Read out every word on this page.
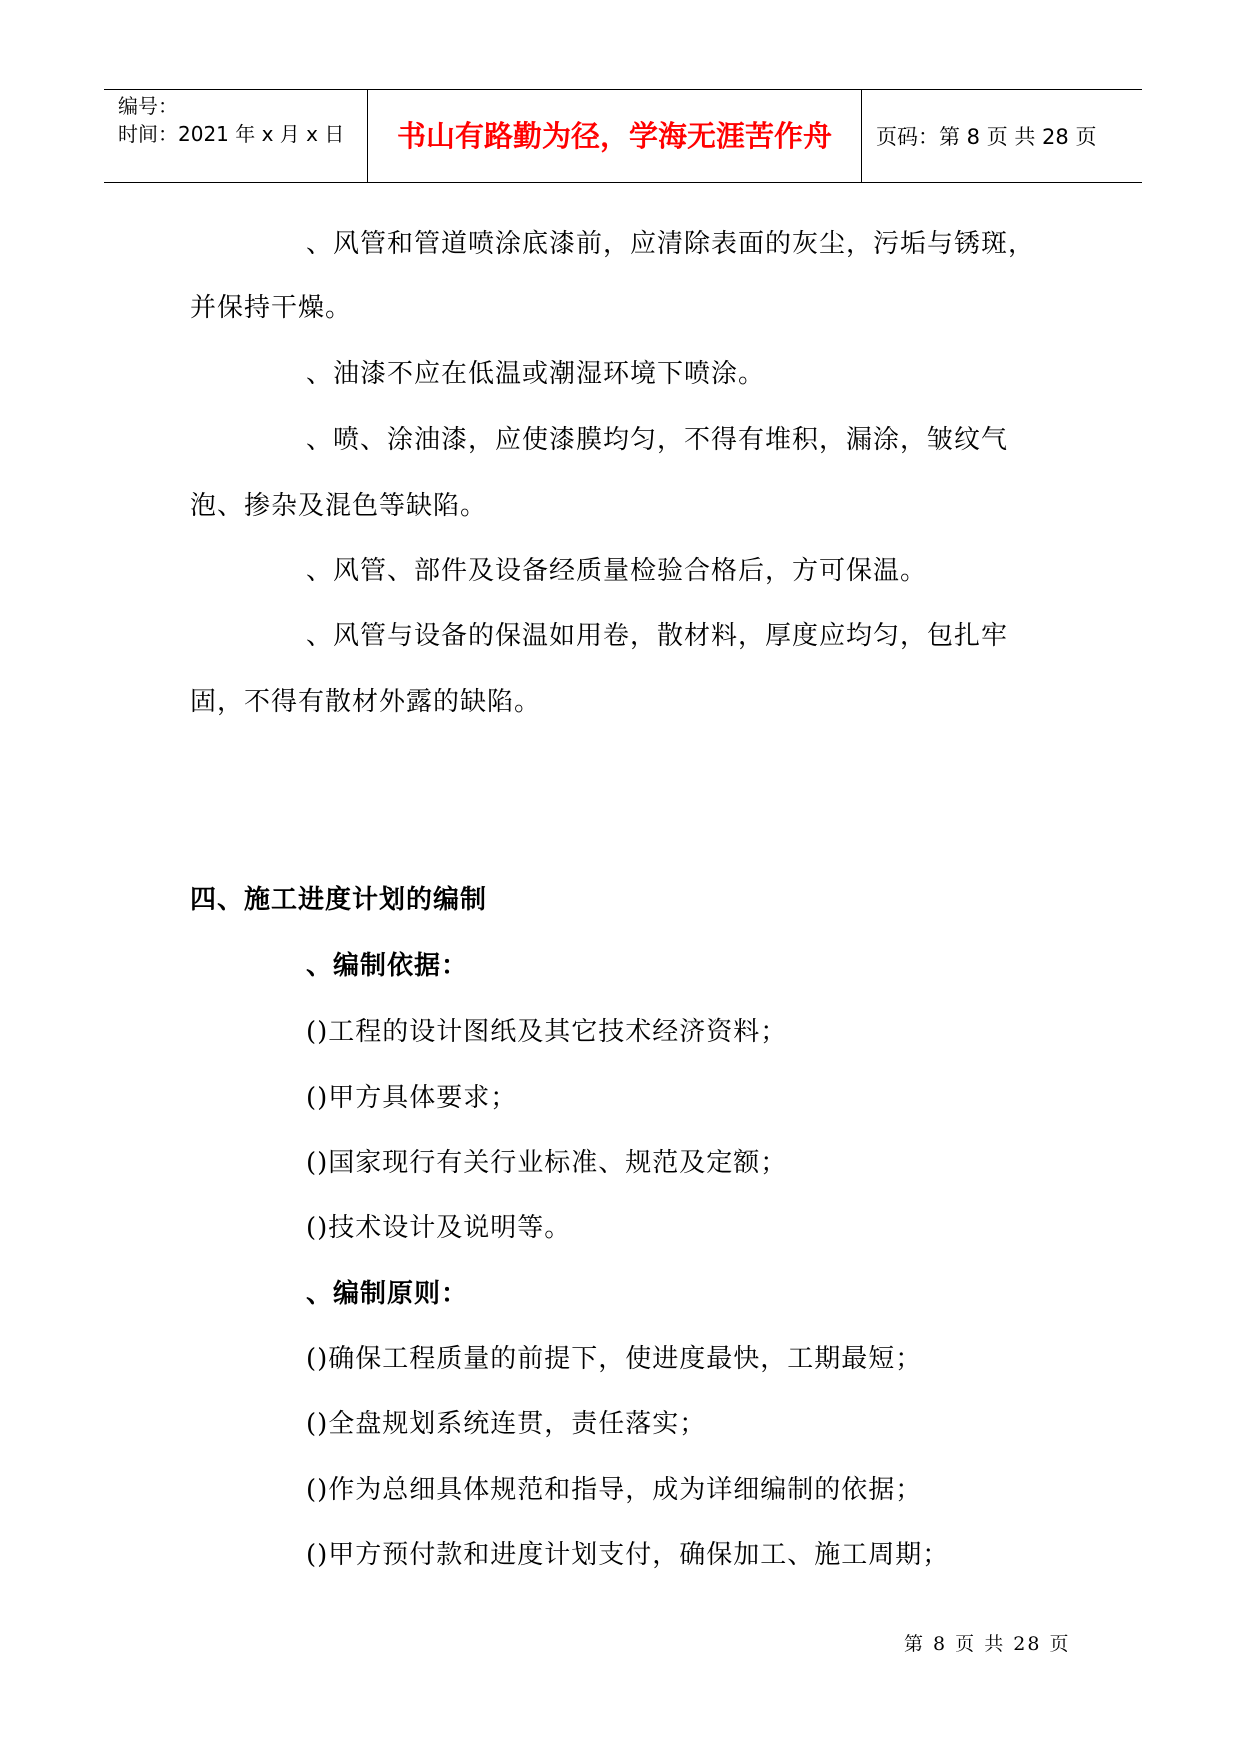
编号：
时间：2021 年 x 月 x 日	书山有路勤为径，学海无涯苦作舟	页码：第 8 页 共 28 页
、风管和管道喷涂底漆前，应清除表面的灰尘，污垢与锈斑，
并保持干燥。
、油漆不应在低温或潮湿环境下喷涂。
、喷、涂油漆，应使漆膜均匀，不得有堆积，漏涂，皱纹气
泡、掺杂及混色等缺陷。
、风管、部件及设备经质量检验合格后，方可保温。
、风管与设备的保温如用卷，散材料，厚度应均匀，包扎牢
固，不得有散材外露的缺陷。
四、施工进度计划的编制
、编制依据：
()工程的设计图纸及其它技术经济资料；
()甲方具体要求；
()国家现行有关行业标准、规范及定额；
()技术设计及说明等。
、编制原则：
()确保工程质量的前提下，使进度最快，工期最短；
()全盘规划系统连贯，责任落实；
()作为总细具体规范和指导，成为详细编制的依据；
()甲方预付款和进度计划支付，确保加工、施工周期；
第 8 页 共 28 页
